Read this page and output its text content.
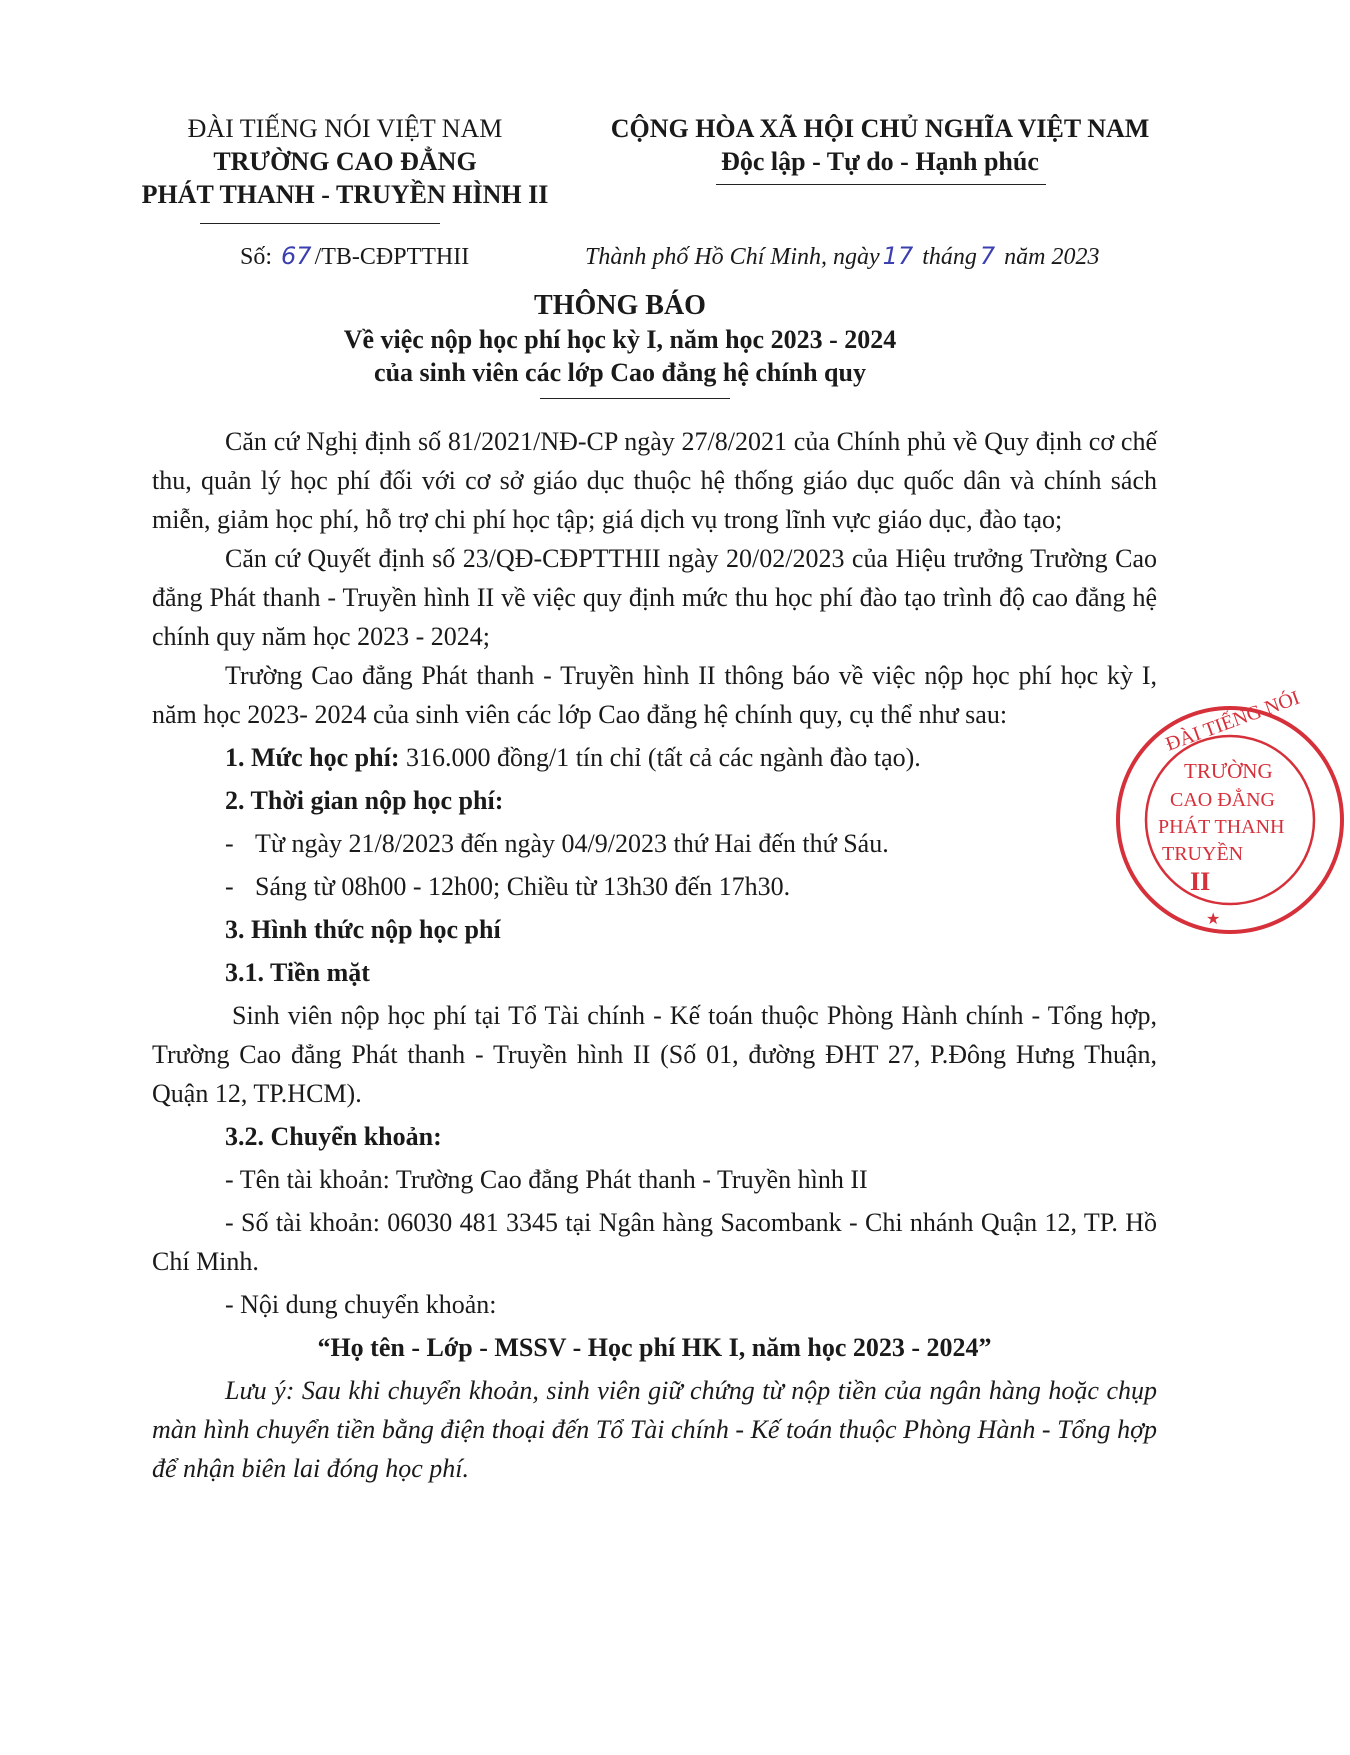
ĐÀI TIẾNG NÓI VIỆT NAM
TRƯỜNG CAO ĐẲNG
PHÁT THANH - TRUYỀN HÌNH II
CỘNG HÒA XÃ HỘI CHỦ NGHĨA VIỆT NAM
Độc lập - Tự do - Hạnh phúc
Số: 67 /TB-CĐPTTHII	Thành phố Hồ Chí Minh, ngày 17 tháng 7 năm 2023
THÔNG BÁO
Về việc nộp học phí học kỳ I, năm học 2023 - 2024
của sinh viên các lớp Cao đẳng hệ chính quy

Căn cứ Nghị định số 81/2021/NĐ-CP ngày 27/8/2021 của Chính phủ về Quy định cơ chế thu, quản lý học phí đối với cơ sở giáo dục thuộc hệ thống giáo dục quốc dân và chính sách miễn, giảm học phí, hỗ trợ chi phí học tập; giá dịch vụ trong lĩnh vực giáo dục, đào tạo;

Căn cứ Quyết định số 23/QĐ-CĐPTTHII ngày 20/02/2023 của Hiệu trưởng Trường Cao đẳng Phát thanh - Truyền hình II về việc quy định mức thu học phí đào tạo trình độ cao đẳng hệ chính quy năm học 2023 - 2024;

Trường Cao đẳng Phát thanh - Truyền hình II thông báo về việc nộp học phí học kỳ I, năm học 2023- 2024 của sinh viên các lớp Cao đẳng hệ chính quy, cụ thể như sau:

1. Mức học phí: 316.000 đồng/1 tín chỉ (tất cả các ngành đào tạo).

2. Thời gian nộp học phí:

- Từ ngày 21/8/2023 đến ngày 04/9/2023 thứ Hai đến thứ Sáu.

- Sáng từ 08h00 - 12h00; Chiều từ 13h30 đến 17h30.

3. Hình thức nộp học phí

3.1. Tiền mặt

Sinh viên nộp học phí tại Tổ Tài chính - Kế toán thuộc Phòng Hành chính - Tổng hợp, Trường Cao đẳng Phát thanh - Truyền hình II (Số 01, đường ĐHT 27, P.Đông Hưng Thuận, Quận 12, TP.HCM).

3.2. Chuyển khoản:

- Tên tài khoản: Trường Cao đẳng Phát thanh - Truyền hình II

- Số tài khoản: 06030 481 3345 tại Ngân hàng Sacombank - Chi nhánh Quận 12, TP. Hồ Chí Minh.

- Nội dung chuyển khoản:

“Họ tên - Lớp - MSSV - Học phí HK I, năm học 2023 - 2024”

Lưu ý: Sau khi chuyển khoản, sinh viên giữ chứng từ nộp tiền của ngân hàng hoặc chụp màn hình chuyển tiền bằng điện thoại đến Tổ Tài chính - Kế toán thuộc Phòng Hành - Tổng hợp để nhận biên lai đóng học phí.

ĐÀI TIẾNG NÓI
TRƯỜNG
CAO ĐẲNG
PHÁT THANH
TRUYỀN
II
★
